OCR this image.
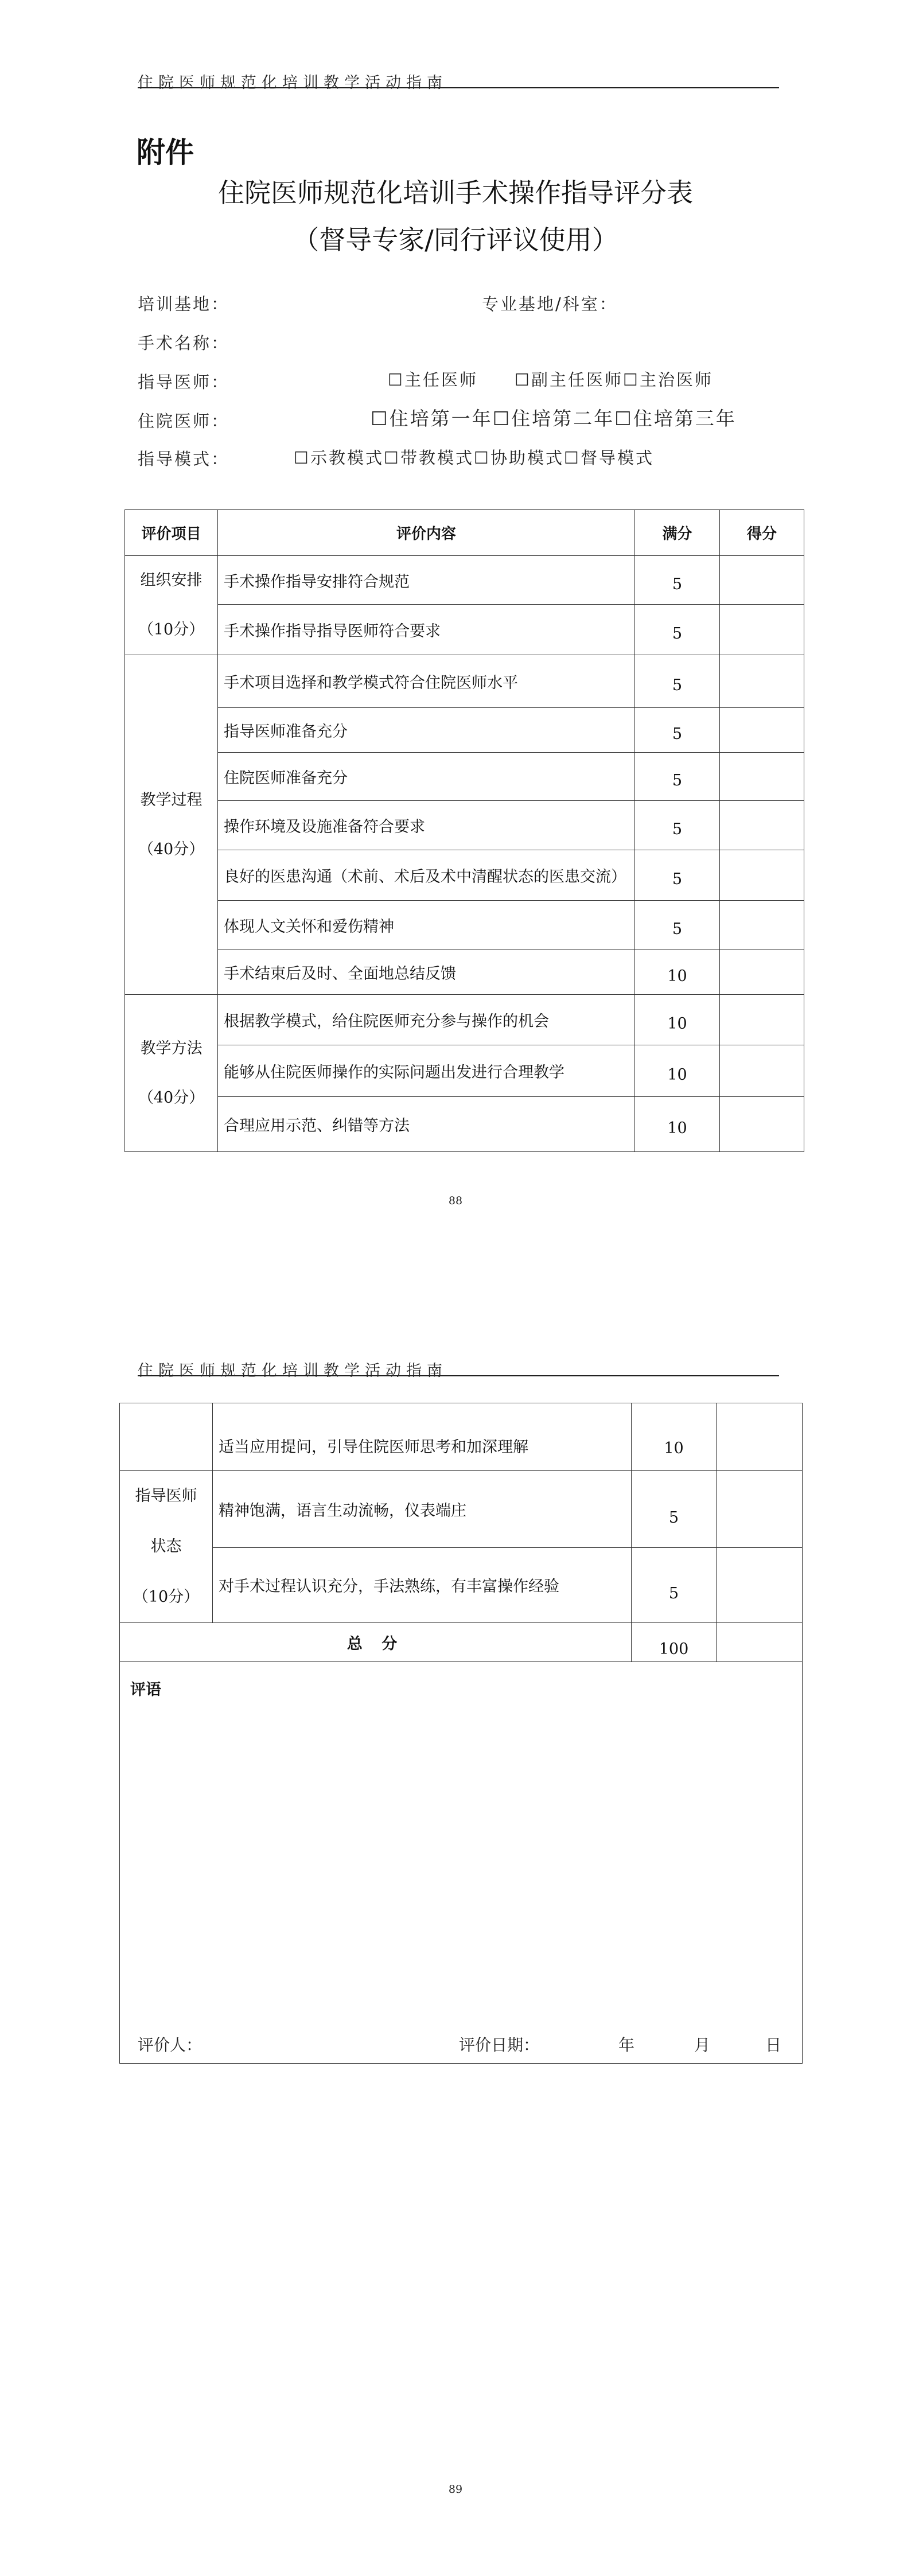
住院医师规范化培训教学活动指南
附件
住院医师规范化培训手术操作指导评分表
（督导专家/同行评议使用）
培训基地：	专业基地/科室：
手术名称：
指导医师：	☐主任医师　　☐副主任医师☐主治医师
住院医师：	☐住培第一年☐住培第二年☐住培第三年
指导模式：	☐示教模式☐带教模式☐协助模式☐督导模式
评价项目	评价内容	满分	得分
组织安排
（10分）	手术操作指导安排符合规范	5	
	手术操作指导指导医师符合要求	5	
教学过程
（40分）	手术项目选择和教学模式符合住院医师水平	5	
	指导医师准备充分	5	
	住院医师准备充分	5	
	操作环境及设施准备符合要求	5	
	良好的医患沟通（术前、术后及术中清醒状态的医患交流）	5	
	体现人文关怀和爱伤精神	5	
	手术结束后及时、全面地总结反馈	10	
教学方法
（40分）	根据教学模式，给住院医师充分参与操作的机会	10	
	能够从住院医师操作的实际问题出发进行合理教学	10	
	合理应用示范、纠错等方法	10	
88
住院医师规范化培训教学活动指南
	适当应用提问，引导住院医师思考和加深理解	10	
指导医师
状态
（10分）	精神饱满，语言生动流畅，仪表端庄	5	
	对手术过程认识充分，手法熟练，有丰富操作经验	5	
总 分		100	
评语			
评价人：	评价日期：	年	月	日
89
